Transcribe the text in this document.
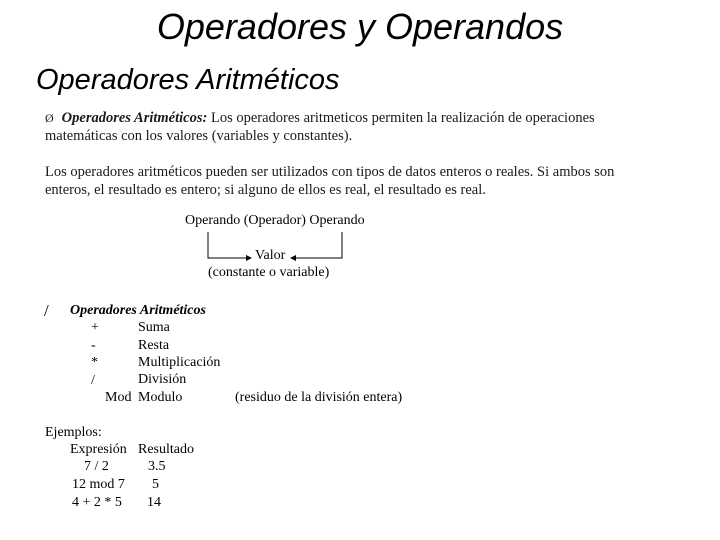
Operadores y Operandos
Operadores Aritméticos
Ø Operadores Aritméticos: Los operadores aritmeticos permiten la realización de operaciones matemáticas con los valores (variables y constantes).
Los operadores aritméticos pueden ser utilizados con tipos de datos enteros o reales. Si ambos son enteros, el resultado es entero; si alguno de ellos es real, el resultado es real.
Operando (Operador) Operando
Valor
(constante o variable)
/ Operadores Aritméticos
+	Suma
-	Resta
*	Multiplicación
/	División
Mod Modulo	(residuo de la división entera)
Ejemplos:
Expresión Resultado
7 / 2	3.5
12 mod 7 5
4 + 2 * 5 14
